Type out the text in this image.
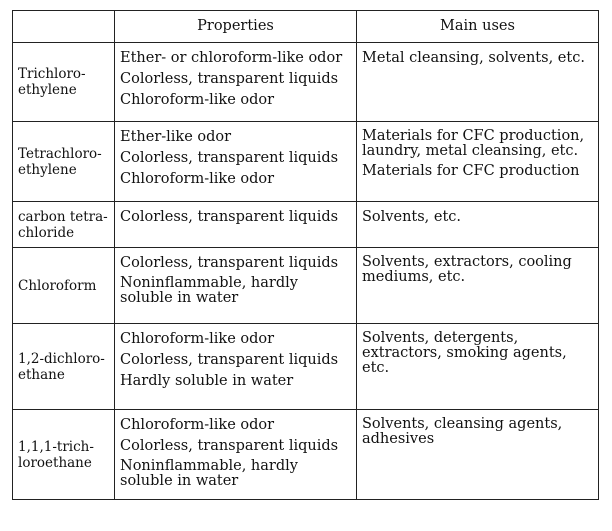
	Properties	Main uses
Trichloro-
ethylene	Ether- or chloroform-like odor
Colorless, transparent liquids
Chloroform-like odor	Metal cleansing, solvents, etc.

Tetrachloro-
ethylene	Ether-like odor
Colorless, transparent liquids
Chloroform-like odor	Materials for CFC production, laundry, metal cleansing, etc.
Materials for CFC production

carbon tetra-
chloride	Colorless, transparent liquids	Solvents, etc.

Chloroform	Colorless, transparent liquids
Noninflammable, hardly soluble in water	Solvents, extractors, cooling mediums, etc.

1,2-dichloro-
ethane	Chloroform-like odor
Colorless, transparent liquids
Hardly soluble in water	Solvents, detergents, extractors, smoking agents, etc.

1,1,1-trich-
loroethane	Chloroform-like odor
Colorless, transparent liquids
Noninflammable, hardly soluble in water	Solvents, cleansing agents, adhesives
